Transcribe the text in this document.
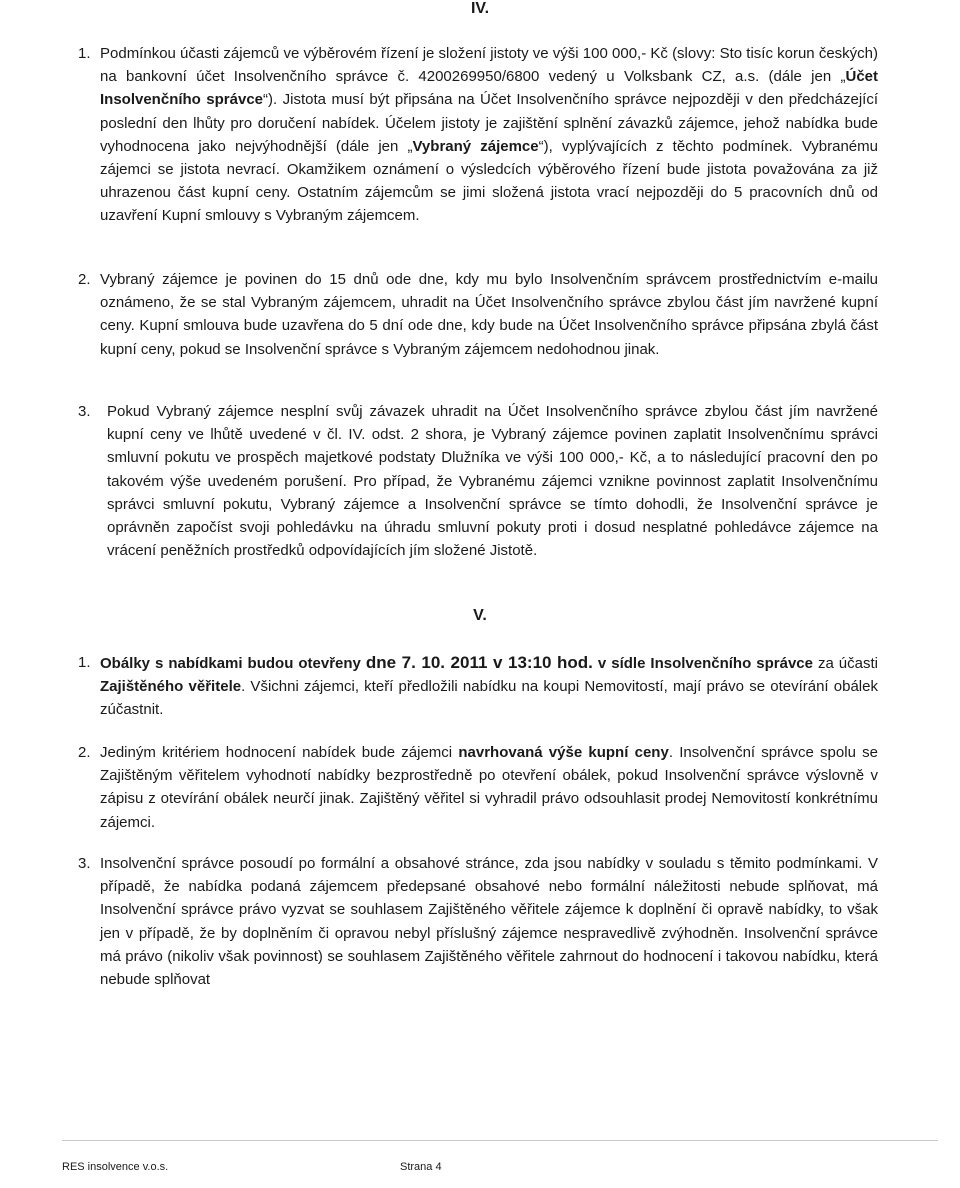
IV.
1. Podmínkou účasti zájemců ve výběrovém řízení je složení jistoty ve výši 100 000,- Kč (slovy: Sto tisíc korun českých) na bankovní účet Insolvenčního správce č. 4200269950/6800 vedený u Volksbank CZ, a.s. (dále jen „Účet Insolvenčního správce“). Jistota musí být připsána na Účet Insolvenčního správce nejpozději v den předcházející poslední den lhůty pro doručení nabídek. Účelem jistoty je zajištění splnění závazků zájemce, jehož nabídka bude vyhodnocena jako nejvýhodnější (dále jen „Vybraný zájemce“), vyplývajících z těchto podmínek. Vybranému zájemci se jistota nevrací. Okamžikem oznámení o výsledcích výběrového řízení bude jistota považována za již uhrazenou část kupní ceny. Ostatním zájemcům se jimi složená jistota vrací nejpozději do 5 pracovních dnů od uzavření Kupní smlouvy s Vybraným zájemcem.
2. Vybraný zájemce je povinen do 15 dnů ode dne, kdy mu bylo Insolvenčním správcem prostřednictvím e-mailu oznámeno, že se stal Vybraným zájemcem, uhradit na Účet Insolvenčního správce zbylou část jím navržené kupní ceny. Kupní smlouva bude uzavřena do 5 dní ode dne, kdy bude na Účet Insolvenčního správce připsána zbylá část kupní ceny, pokud se Insolvenční správce s Vybraným zájemcem nedohodnou jinak.
3.	Pokud Vybraný zájemce nesplní svůj závazek uhradit na Účet Insolvenčního správce zbylou část jím navržené kupní ceny ve lhůtě uvedené v čl. IV. odst. 2 shora, je Vybraný zájemce povinen zaplatit Insolvenčnímu správci smluvní pokutu ve prospěch majetkové podstaty Dlužníka ve výši 100 000,- Kč, a to následující pracovní den po takovém výše uvedeném porušení. Pro případ, že Vybranému zájemci vznikne povinnost zaplatit Insolvenčnímu správci smluvní pokutu, Vybraný zájemce a Insolvenční správce se tímto dohodli, že Insolvenční správce je oprávněn započíst svoji pohledávku na úhradu smluvní pokuty proti i dosud nesplatné pohledávce zájemce na vrácení peněžních prostředků odpovídajících jím složené Jistotě.
V.
1. Obálky s nabídkami budou otevřeny dne 7. 10. 2011 v 13:10 hod. v sídle Insolvenčního správce za účasti Zajištěného věřitele. Všichni zájemci, kteří předložili nabídku na koupi Nemovitostí, mají právo se otevírání obálek zúčastnit.
2. Jediným kritériem hodnocení nabídek bude zájemci navrhovaná výše kupní ceny. Insolvenční správce spolu se Zajištěným věřitelem vyhodnotí nabídky bezprostředně po otevření obálek, pokud Insolvenční správce výslovně v zápisu z otevírání obálek neurčí jinak. Zajištěný věřitel si vyhradil právo odsouhlasit prodej Nemovitostí konkrétnímu zájemci.
3. Insolvenční správce posoudí po formální a obsahové stránce, zda jsou nabídky v souladu s těmito podmínkami. V případě, že nabídka podaná zájemcem předepsané obsahové nebo formální náležitosti nebude splňovat, má Insolvenční správce právo vyzvat se souhlasem Zajištěného věřitele zájemce k doplnění či opravě nabídky, to však jen v případě, že by doplněním či opravou nebyl příslušný zájemce nespravedlivě zvýhodněn. Insolvenční správce má právo (nikoliv však povinnost) se souhlasem Zajištěného věřitele zahrnout do hodnocení i takovou nabídku, která nebude splňovat
RES insolvence v.o.s.	Strana 4
